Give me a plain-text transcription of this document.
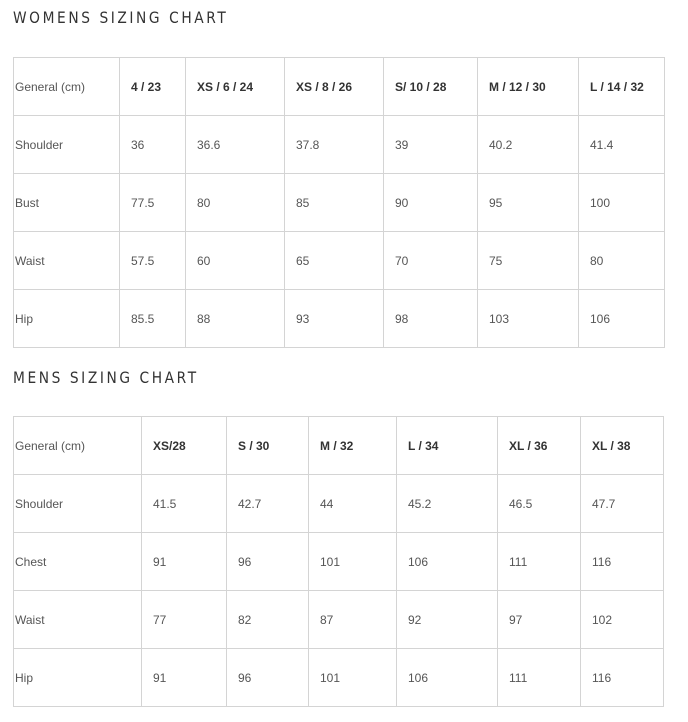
WOMENS SIZING CHART
General (cm)	4 / 23	XS / 6 / 24	XS / 8 / 26	S/ 10 / 28	M / 12 / 30	L / 14 / 32
Shoulder	36	36.6	37.8	39	40.2	41.4
Bust	77.5	80	85	90	95	100
Waist	57.5	60	65	70	75	80
Hip	85.5	88	93	98	103	106
MENS SIZING CHART
General (cm)	XS/28	S / 30	M / 32	L / 34	XL / 36	XL / 38
Shoulder	41.5	42.7	44	45.2	46.5	47.7
Chest	91	96	101	106	111	116
Waist	77	82	87	92	97	102
Hip	91	96	101	106	111	116
